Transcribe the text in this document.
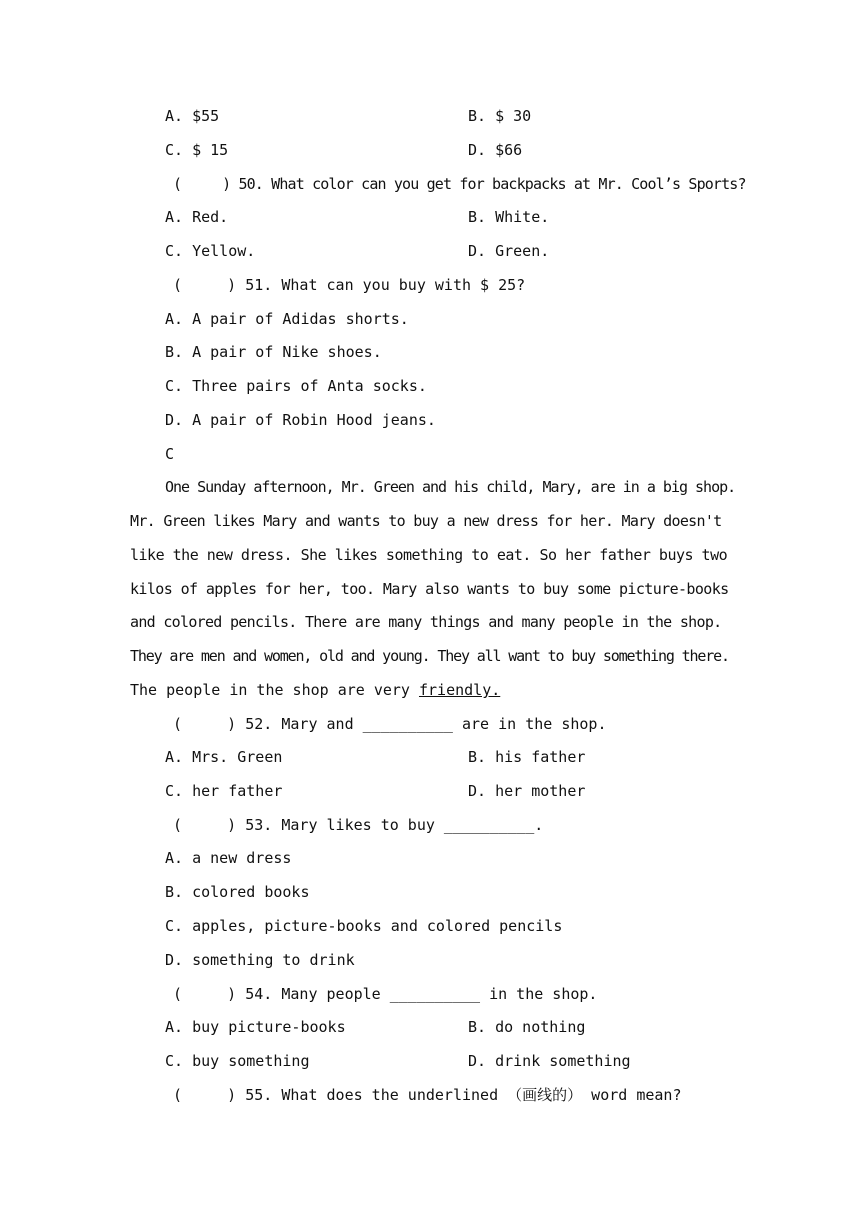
A. $55	B. $ 30
C. $ 15	D. $66
(     ) 50. What color can you get for backpacks at Mr. Cool’s Sports?
A. Red.	B. White.
C. Yellow.	D. Green.
(     ) 51. What can you buy with $ 25?
A. A pair of Adidas shorts.
B. A pair of Nike shoes.
C. Three pairs of Anta socks.
D. A pair of Robin Hood jeans.
C
One Sunday afternoon, Mr. Green and his child, Mary, are in a big shop.
Mr. Green likes Mary and wants to buy a new dress for her. Mary doesn't
like the new dress. She likes something to eat. So her father buys two
kilos of apples for her, too. Mary also wants to buy some picture-books
and colored pencils. There are many things and many people in the shop.
They are men and women, old and young. They all want to buy something there.
The people in the shop are very friendly.
(     ) 52. Mary and __________ are in the shop.
A. Mrs. Green	B. his father
C. her father	D. her mother
(     ) 53. Mary likes to buy __________.
A. a new dress
B. colored books
C. apples, picture-books and colored pencils
D. something to drink
(     ) 54. Many people __________ in the shop.
A. buy picture-books	B. do nothing
C. buy something	D. drink something
(     ) 55. What does the underlined （画线的） word mean?
